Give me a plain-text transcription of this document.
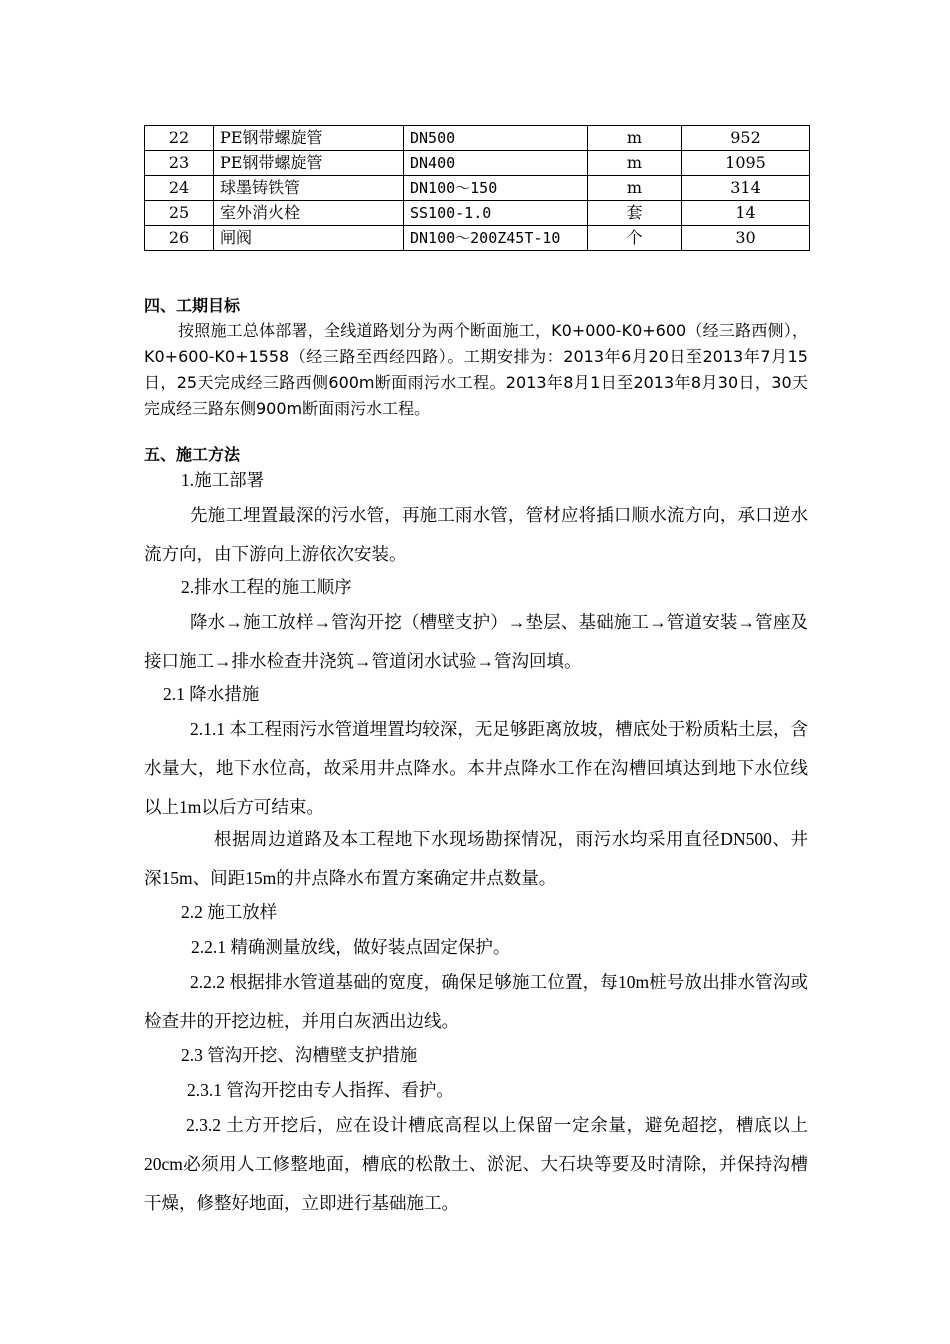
22	PE钢带螺旋管	DN500	m	952
23	PE钢带螺旋管	DN400	m	1095
24	球墨铸铁管	DN100～150	m	314
25	室外消火栓	SS100-1.0	套	14
26	闸阀	DN100～200Z45T-10	个	30
四、工期目标
按照施工总体部署，全线道路划分为两个断面施工，K0+000-K0+600（经三路西侧），K0+600-K0+1558（经三路至西经四路）。工期安排为：2013年6月20日至2013年7月15日，25天完成经三路西侧600m断面雨污水工程。2013年8月1日至2013年8月30日，30天完成经三路东侧900m断面雨污水工程。
五、施工方法
1.施工部署
先施工埋置最深的污水管，再施工雨水管，管材应将插口顺水流方向，承口逆水流方向，由下游向上游依次安装。
2.排水工程的施工顺序
降水→施工放样→管沟开挖（槽壁支护）→垫层、基础施工→管道安装→管座及接口施工→排水检查井浇筑→管道闭水试验→管沟回填。
2.1 降水措施
2.1.1 本工程雨污水管道埋置均较深，无足够距离放坡，槽底处于粉质粘土层，含水量大，地下水位高，故采用井点降水。本井点降水工作在沟槽回填达到地下水位线以上1m以后方可结束。
根据周边道路及本工程地下水现场勘探情况，雨污水均采用直径DN500、井深15m、间距15m的井点降水布置方案确定井点数量。
2.2 施工放样
2.2.1 精确测量放线，做好装点固定保护。
2.2.2 根据排水管道基础的宽度，确保足够施工位置，每10m桩号放出排水管沟或检查井的开挖边桩，并用白灰洒出边线。
2.3 管沟开挖、沟槽壁支护措施
2.3.1 管沟开挖由专人指挥、看护。
2.3.2 土方开挖后，应在设计槽底高程以上保留一定余量，避免超挖，槽底以上20cm必须用人工修整地面，槽底的松散土、淤泥、大石块等要及时清除，并保持沟槽干燥，修整好地面，立即进行基础施工。
